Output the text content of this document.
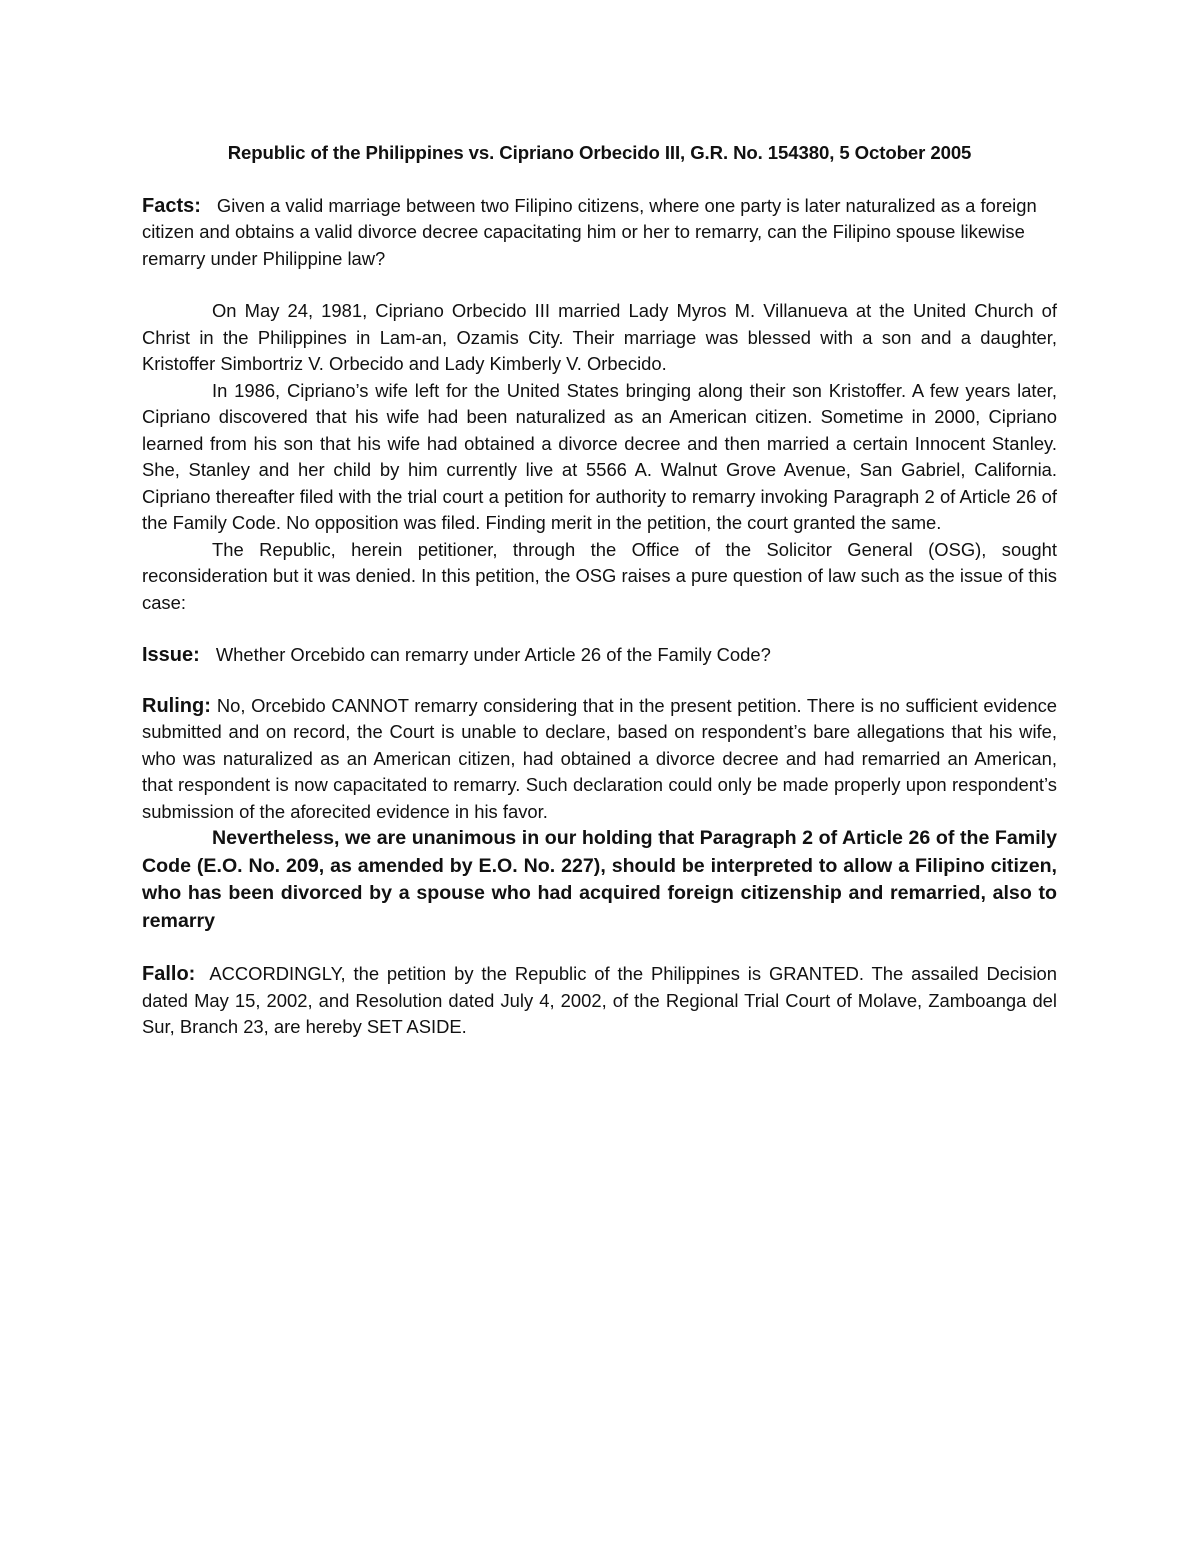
Republic of the Philippines vs. Cipriano Orbecido III, G.R. No. 154380, 5 October 2005

Facts: Given a valid marriage between two Filipino citizens, where one party is later naturalized as a foreign citizen and obtains a valid divorce decree capacitating him or her to remarry, can the Filipino spouse likewise remarry under Philippine law?

On May 24, 1981, Cipriano Orbecido III married Lady Myros M. Villanueva at the United Church of Christ in the Philippines in Lam-an, Ozamis City. Their marriage was blessed with a son and a daughter, Kristoffer Simbortriz V. Orbecido and Lady Kimberly V. Orbecido.

In 1986, Cipriano’s wife left for the United States bringing along their son Kristoffer. A few years later, Cipriano discovered that his wife had been naturalized as an American citizen. Sometime in 2000, Cipriano learned from his son that his wife had obtained a divorce decree and then married a certain Innocent Stanley. She, Stanley and her child by him currently live at 5566 A. Walnut Grove Avenue, San Gabriel, California. Cipriano thereafter filed with the trial court a petition for authority to remarry invoking Paragraph 2 of Article 26 of the Family Code. No opposition was filed. Finding merit in the petition, the court granted the same.

The Republic, herein petitioner, through the Office of the Solicitor General (OSG), sought reconsideration but it was denied. In this petition, the OSG raises a pure question of law such as the issue of this case:

Issue: Whether Orcebido can remarry under Article 26 of the Family Code?

Ruling: No, Orcebido CANNOT remarry considering that in the present petition. There is no sufficient evidence submitted and on record, the Court is unable to declare, based on respondent’s bare allegations that his wife, who was naturalized as an American citizen, had obtained a divorce decree and had remarried an American, that respondent is now capacitated to remarry. Such declaration could only be made properly upon respondent’s submission of the aforecited evidence in his favor.

Nevertheless, we are unanimous in our holding that Paragraph 2 of Article 26 of the Family Code (E.O. No. 209, as amended by E.O. No. 227), should be interpreted to allow a Filipino citizen, who has been divorced by a spouse who had acquired foreign citizenship and remarried, also to remarry

Fallo: ACCORDINGLY, the petition by the Republic of the Philippines is GRANTED. The assailed Decision dated May 15, 2002, and Resolution dated July 4, 2002, of the Regional Trial Court of Molave, Zamboanga del Sur, Branch 23, are hereby SET ASIDE.
